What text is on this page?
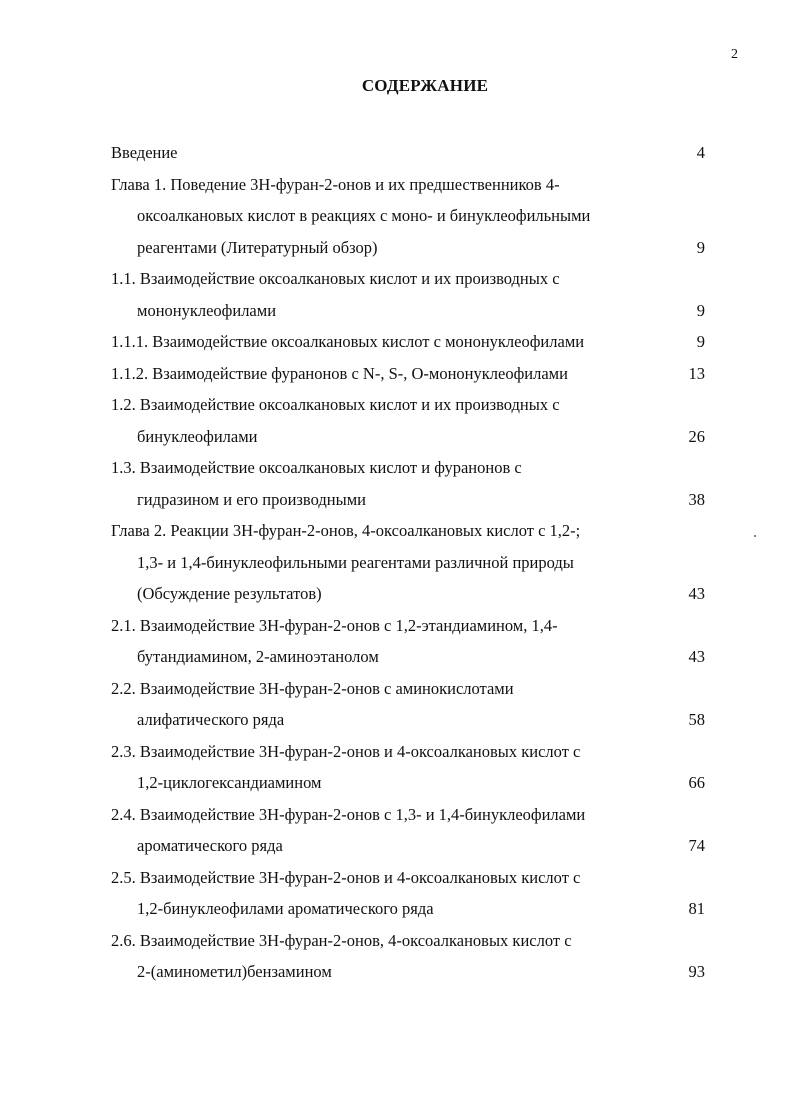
2
СОДЕРЖАНИЕ
Введение	4
Глава 1. Поведение 3H-фуран-2-онов и их предшественников 4-
оксоалкановых кислот в реакциях с моно- и бинуклеофильными
реагентами (Литературный обзор)	9
1.1. Взаимодействие оксоалкановых кислот и их производных с
мононуклеофилами	9
1.1.1. Взаимодействие оксоалкановых кислот с мононуклеофилами	9
1.1.2. Взаимодействие фуранонов с N-, S-, O-мононуклеофилами	13
1.2. Взаимодействие оксоалкановых кислот и их производных с
бинуклеофилами	26
1.3. Взаимодействие оксоалкановых кислот и фуранонов с
гидразином и его производными	38
Глава 2. Реакции 3H-фуран-2-онов, 4-оксоалкановых кислот с 1,2-;
1,3- и 1,4-бинуклеофильными реагентами различной природы
(Обсуждение результатов)	43
2.1. Взаимодействие 3H-фуран-2-онов с 1,2-этандиамином, 1,4-
бутандиамином, 2-аминоэтанолом	43
2.2. Взаимодействие 3H-фуран-2-онов с аминокислотами
алифатического ряда	58
2.3. Взаимодействие 3H-фуран-2-онов и 4-оксоалкановых кислот с
1,2-циклогександиамином	66
2.4. Взаимодействие 3H-фуран-2-онов с 1,3- и 1,4-бинуклеофилами
ароматического ряда	74
2.5. Взаимодействие 3H-фуран-2-онов и 4-оксоалкановых кислот с
1,2-бинуклеофилами ароматического ряда	81
2.6. Взаимодействие 3H-фуран-2-онов, 4-оксоалкановых кислот с
2-(аминометил)бензамином	93
